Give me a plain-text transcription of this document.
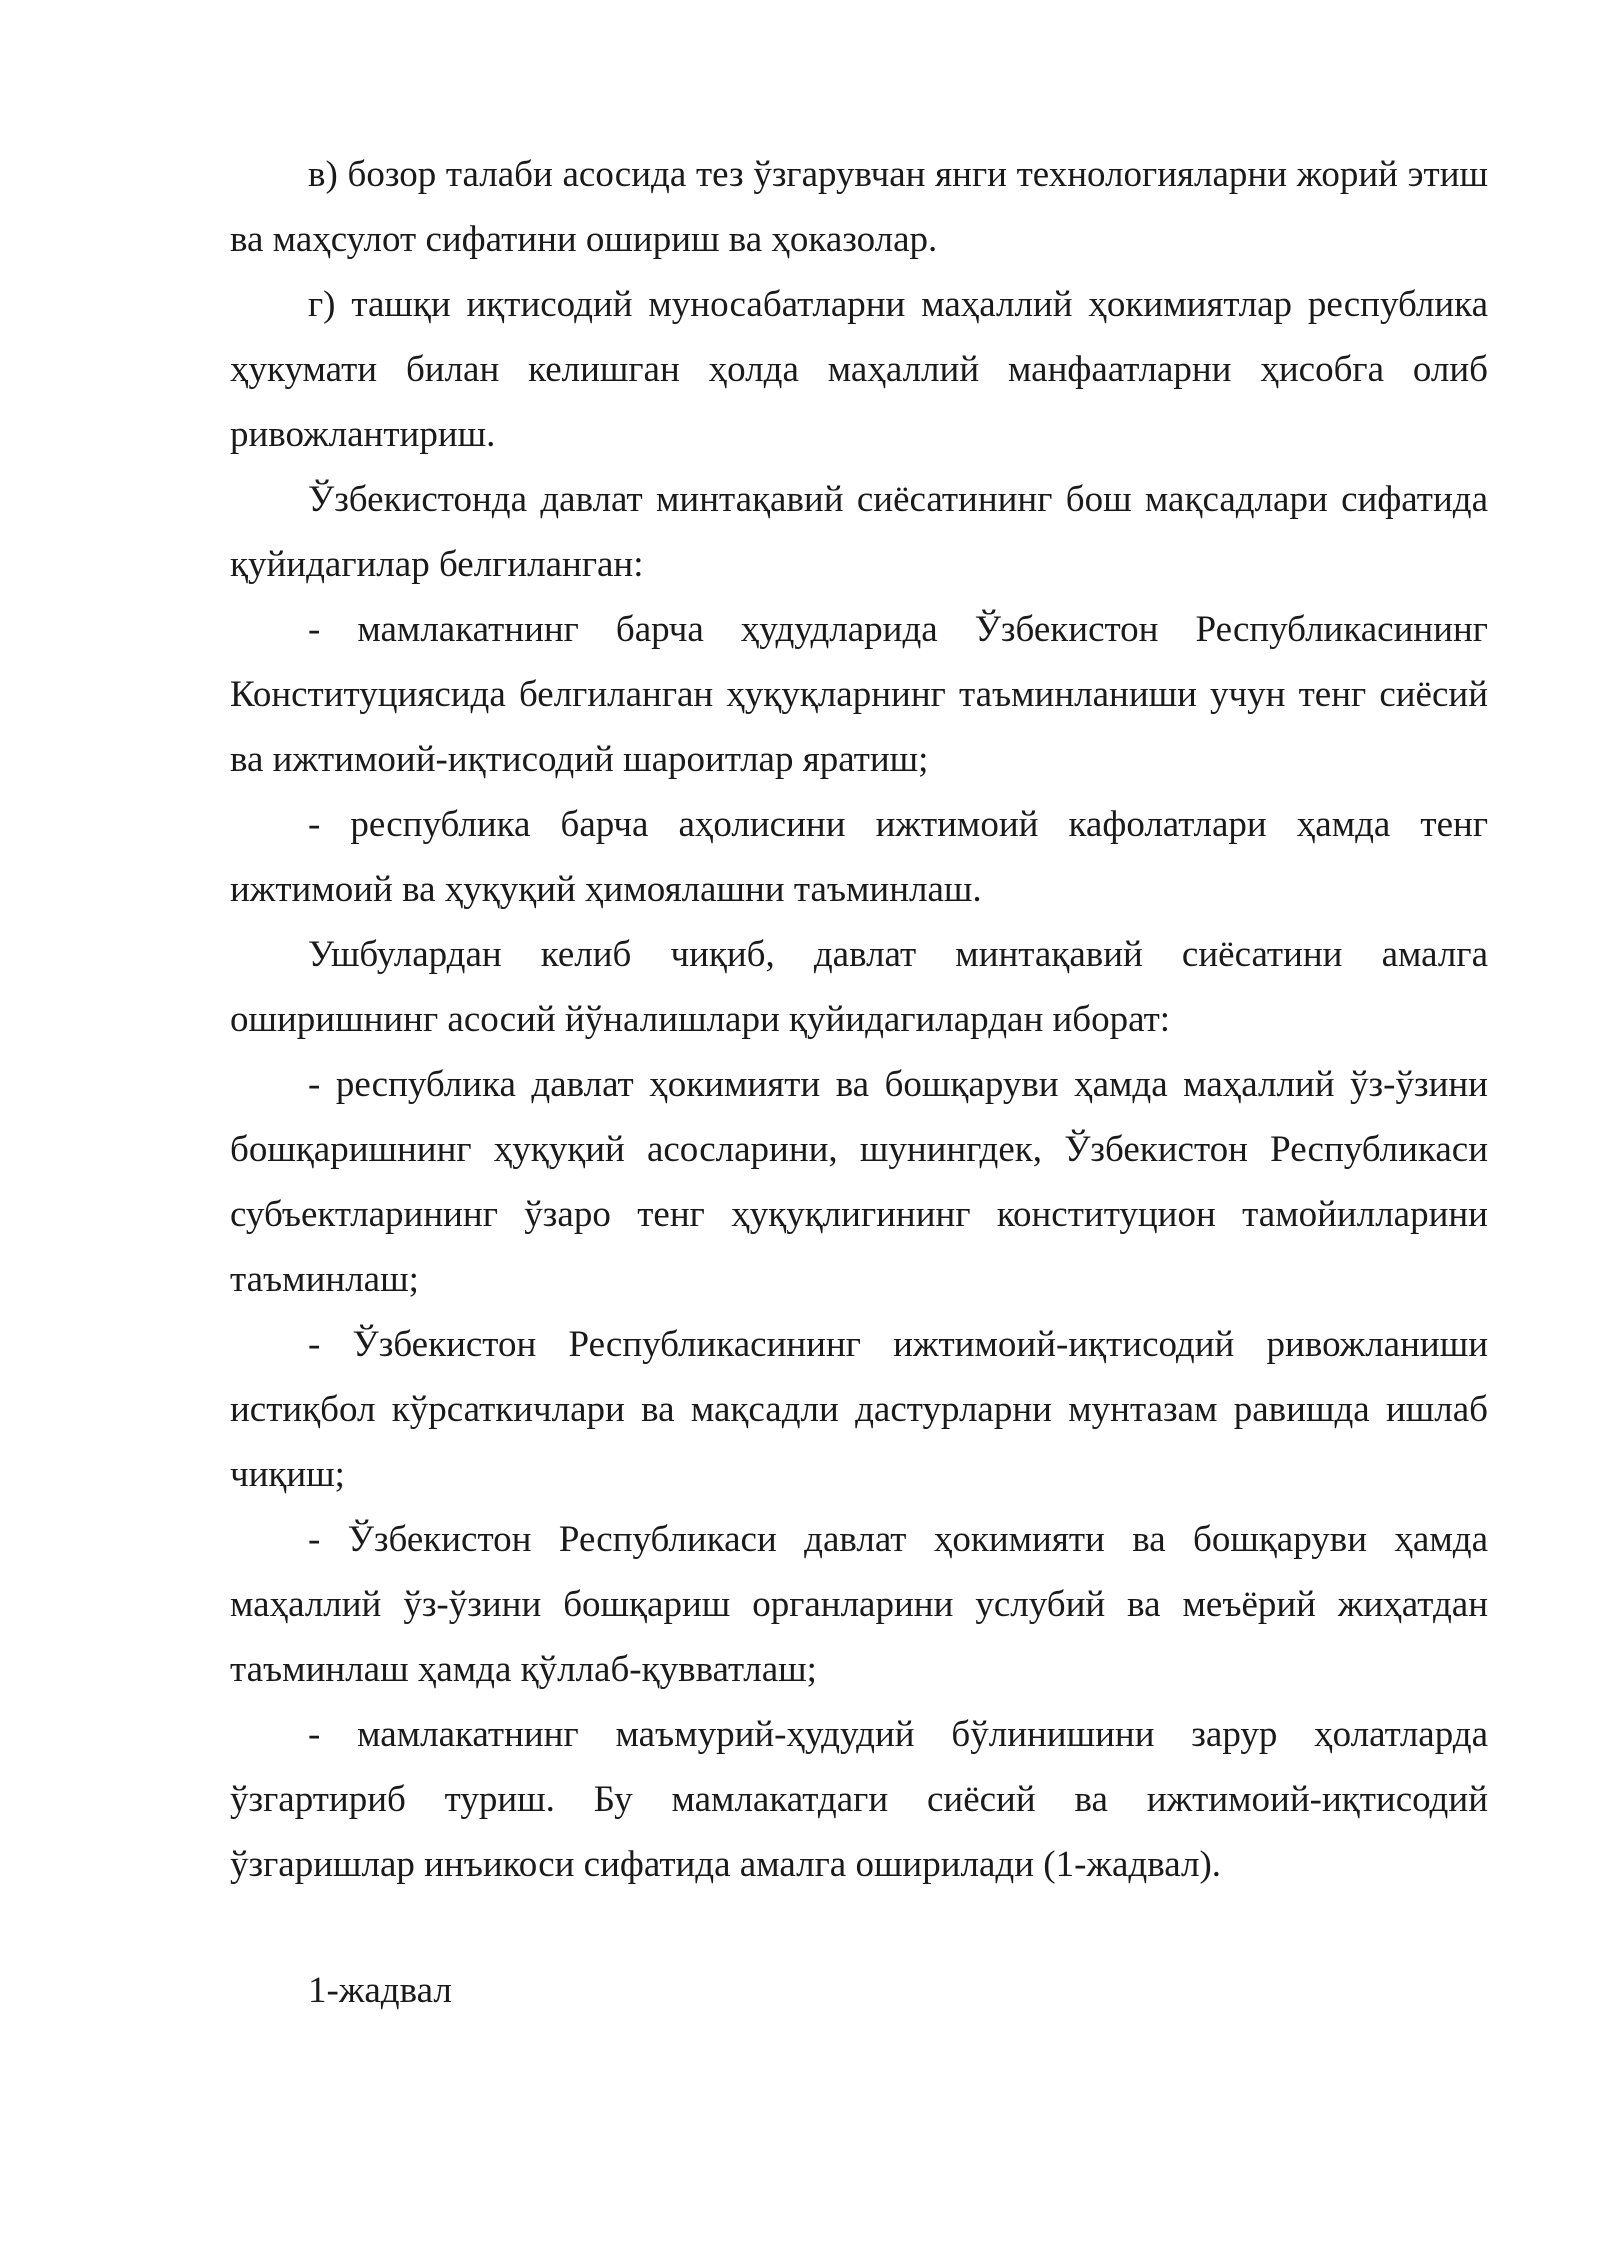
в) бозор талаби асосида тез ўзгарувчан янги технологияларни жорий этиш ва маҳсулот сифатини ошириш ва ҳоказолар.

г) ташқи иқтисодий муносабатларни маҳаллий ҳокимиятлар республика ҳукумати билан келишган ҳолда маҳаллий манфаатларни ҳисобга олиб ривожлантириш.

Ўзбекистонда давлат минтақавий сиёсатининг бош мақсадлари сифатида қуйидагилар белгиланган:

- мамлакатнинг барча ҳудудларида Ўзбекистон Республикасининг Конституциясида белгиланган ҳуқуқларнинг таъминланиши учун тенг сиёсий ва ижтимоий-иқтисодий шароитлар яратиш;

- республика барча аҳолисини ижтимоий кафолатлари ҳамда тенг ижтимоий ва ҳуқуқий ҳимоялашни таъминлаш.

Ушбулардан келиб чиқиб, давлат минтақавий сиёсатини амалга оширишнинг асосий йўналишлари қуйидагилардан иборат:

- республика давлат ҳокимияти ва бошқаруви ҳамда маҳаллий ўз-ўзини бошқаришнинг ҳуқуқий асосларини, шунингдек, Ўзбекистон Республикаси субъектларининг ўзаро тенг ҳуқуқлигининг конституцион тамойилларини таъминлаш;

- Ўзбекистон Республикасининг ижтимоий-иқтисодий ривожланиши истиқбол кўрсаткичлари ва мақсадли дастурларни мунтазам равишда ишлаб чиқиш;

- Ўзбекистон Республикаси давлат ҳокимияти ва бошқаруви ҳамда маҳаллий ўз-ўзини бошқариш органларини услубий ва меъёрий жиҳатдан таъминлаш ҳамда қўллаб-қувватлаш;

- мамлакатнинг маъмурий-ҳудудий бўлинишини зарур ҳолатларда ўзгартириб туриш. Бу мамлакатдаги сиёсий ва ижтимоий-иқтисодий ўзгаришлар инъикоси сифатида амалга оширилади (1-жадвал).

1-жадвал
